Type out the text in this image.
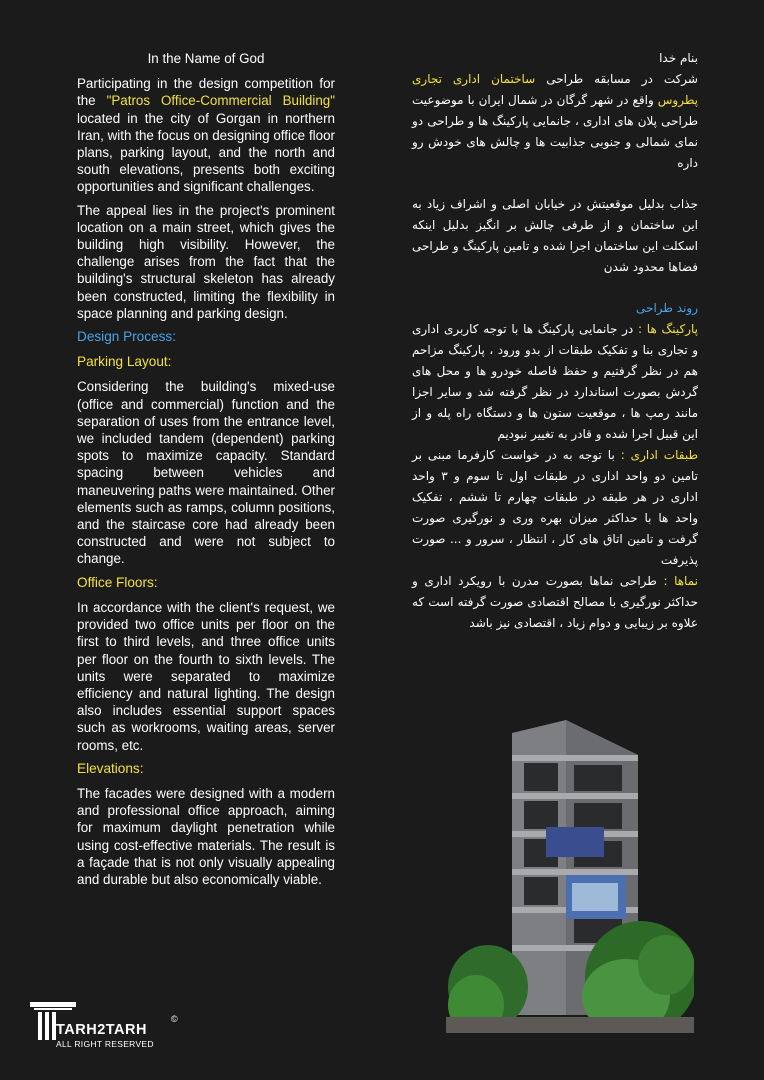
In the Name of God

Participating in the design competition for the "Patros Office-Commercial Building" located in the city of Gorgan in northern Iran, with the focus on designing office floor plans, parking layout, and the north and south elevations, presents both exciting opportunities and significant challenges.

The appeal lies in the project's prominent location on a main street, which gives the building high visibility. However, the challenge arises from the fact that the building's structural skeleton has already been constructed, limiting the flexibility in space planning and parking design.

Design Process:

Parking Layout:

Considering the building's mixed-use (office and commercial) function and the separation of uses from the entrance level, we included tandem (dependent) parking spots to maximize capacity. Standard spacing between vehicles and maneuvering paths were maintained. Other elements such as ramps, column positions, and the staircase core had already been constructed and were not subject to change.

Office Floors:

In accordance with the client's request, we provided two office units per floor on the first to third levels, and three office units per floor on the fourth to sixth levels. The units were separated to maximize efficiency and natural lighting. The design also includes essential support spaces such as workrooms, waiting areas, server rooms, etc.

Elevations:

The facades were designed with a modern and professional office approach, aiming for maximum daylight penetration while using cost-effective materials. The result is a façade that is not only visually appealing and durable but also economically viable.

بنام خدا

شرکت در مسابقه طراحی ساختمان اداری تجاری پطروس واقع در شهر گرگان در شمال ایران با موضوعیت طراحی پلان های اداری ، جانمایی پارکینگ ها و طراحی دو نمای شمالی و جنوبی جذابیت ها و چالش های خودش رو داره

جذاب بدلیل موقعیتش در خیابان اصلی و اشراف زیاد به این ساختمان و از طرفی چالش بر انگیز بدلیل اینکه اسکلت این ساختمان اجرا شده و تامین پارکینگ و طراحی فضاها محدود شدن

روند طراحی

پارکینگ ها : در جانمایی پارکینگ ها با توجه کاربری اداری و تجاری بنا و تفکیک طبقات از بدو ورود ، پارکینگ مزاحم هم در نظر گرفتیم و حفظ فاصله خودرو ها و محل های گردش بصورت استاندارد در نظر گرفته شد و سایر اجزا مانند رمپ ها ، موقعیت ستون ها و دستگاه راه پله و از این قبیل اجرا شده و قادر به تغییر نبودیم

طبقات اداری : با توجه به در خواست کارفرما مبنی بر تامین دو واحد اداری در طبقات اول تا سوم و ۳ واحد اداری در هر طبقه در طبقات چهارم تا ششم ، تفکیک واحد ها با حداکثر میزان بهره وری و نورگیری صورت گرفت و تامین اتاق های کار ، انتظار ، سرور و ... صورت پذیرفت

نماها : طراحی نماها بصورت مدرن با رویکرد اداری و حداکثر نورگیری با مصالح اقتصادی صورت گرفته است که علاوه بر زیبایی و دوام زیاد ، اقتصادی نیز باشد

TARH2TARH
©
ALL RIGHT RESERVED
